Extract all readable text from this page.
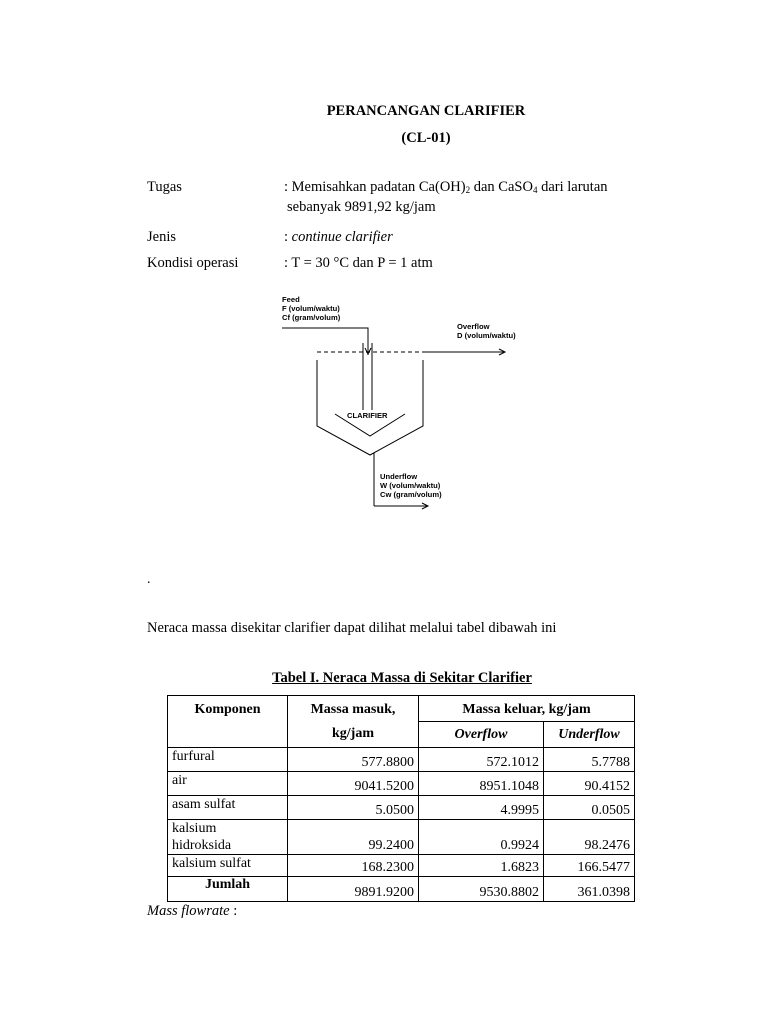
PERANCANGAN CLARIFIER
(CL-01)
Tugas	: Memisahkan padatan $Ca(OH)_2$ dan CaSO$_4$ dari larutan
sebanyak 9891,92 kg/jam
Jenis	: continue clarifier
Kondisi operasi	: T = 30 °C dan P = 1 atm
Feed
F (volum/waktu)
Cf (gram/volum)
Overflow
D (volum/waktu)
CLARIFIER
Underflow
W (volum/waktu)
Cw (gram/volum)
.
Neraca massa disekitar clarifier dapat dilihat melalui tabel dibawah ini
Tabel I. Neraca Massa di Sekitar Clarifier
Komponen	Massa masuk,	Massa keluar, kg/jam	
	kg/jam	Overflow	Underflow
furfural	577.8800	572.1012	5.7788
air	9041.5200	8951.1048	90.4152
asam sulfat	5.0500	4.9995	0.0505

kalsium
hidroksida	99.2400	0.9924	98.2476
kalsium sulfat	168.2300	1.6823	166.5477
Jumlah	9891.9200	9530.8802	361.0398
Mass flowrate :
